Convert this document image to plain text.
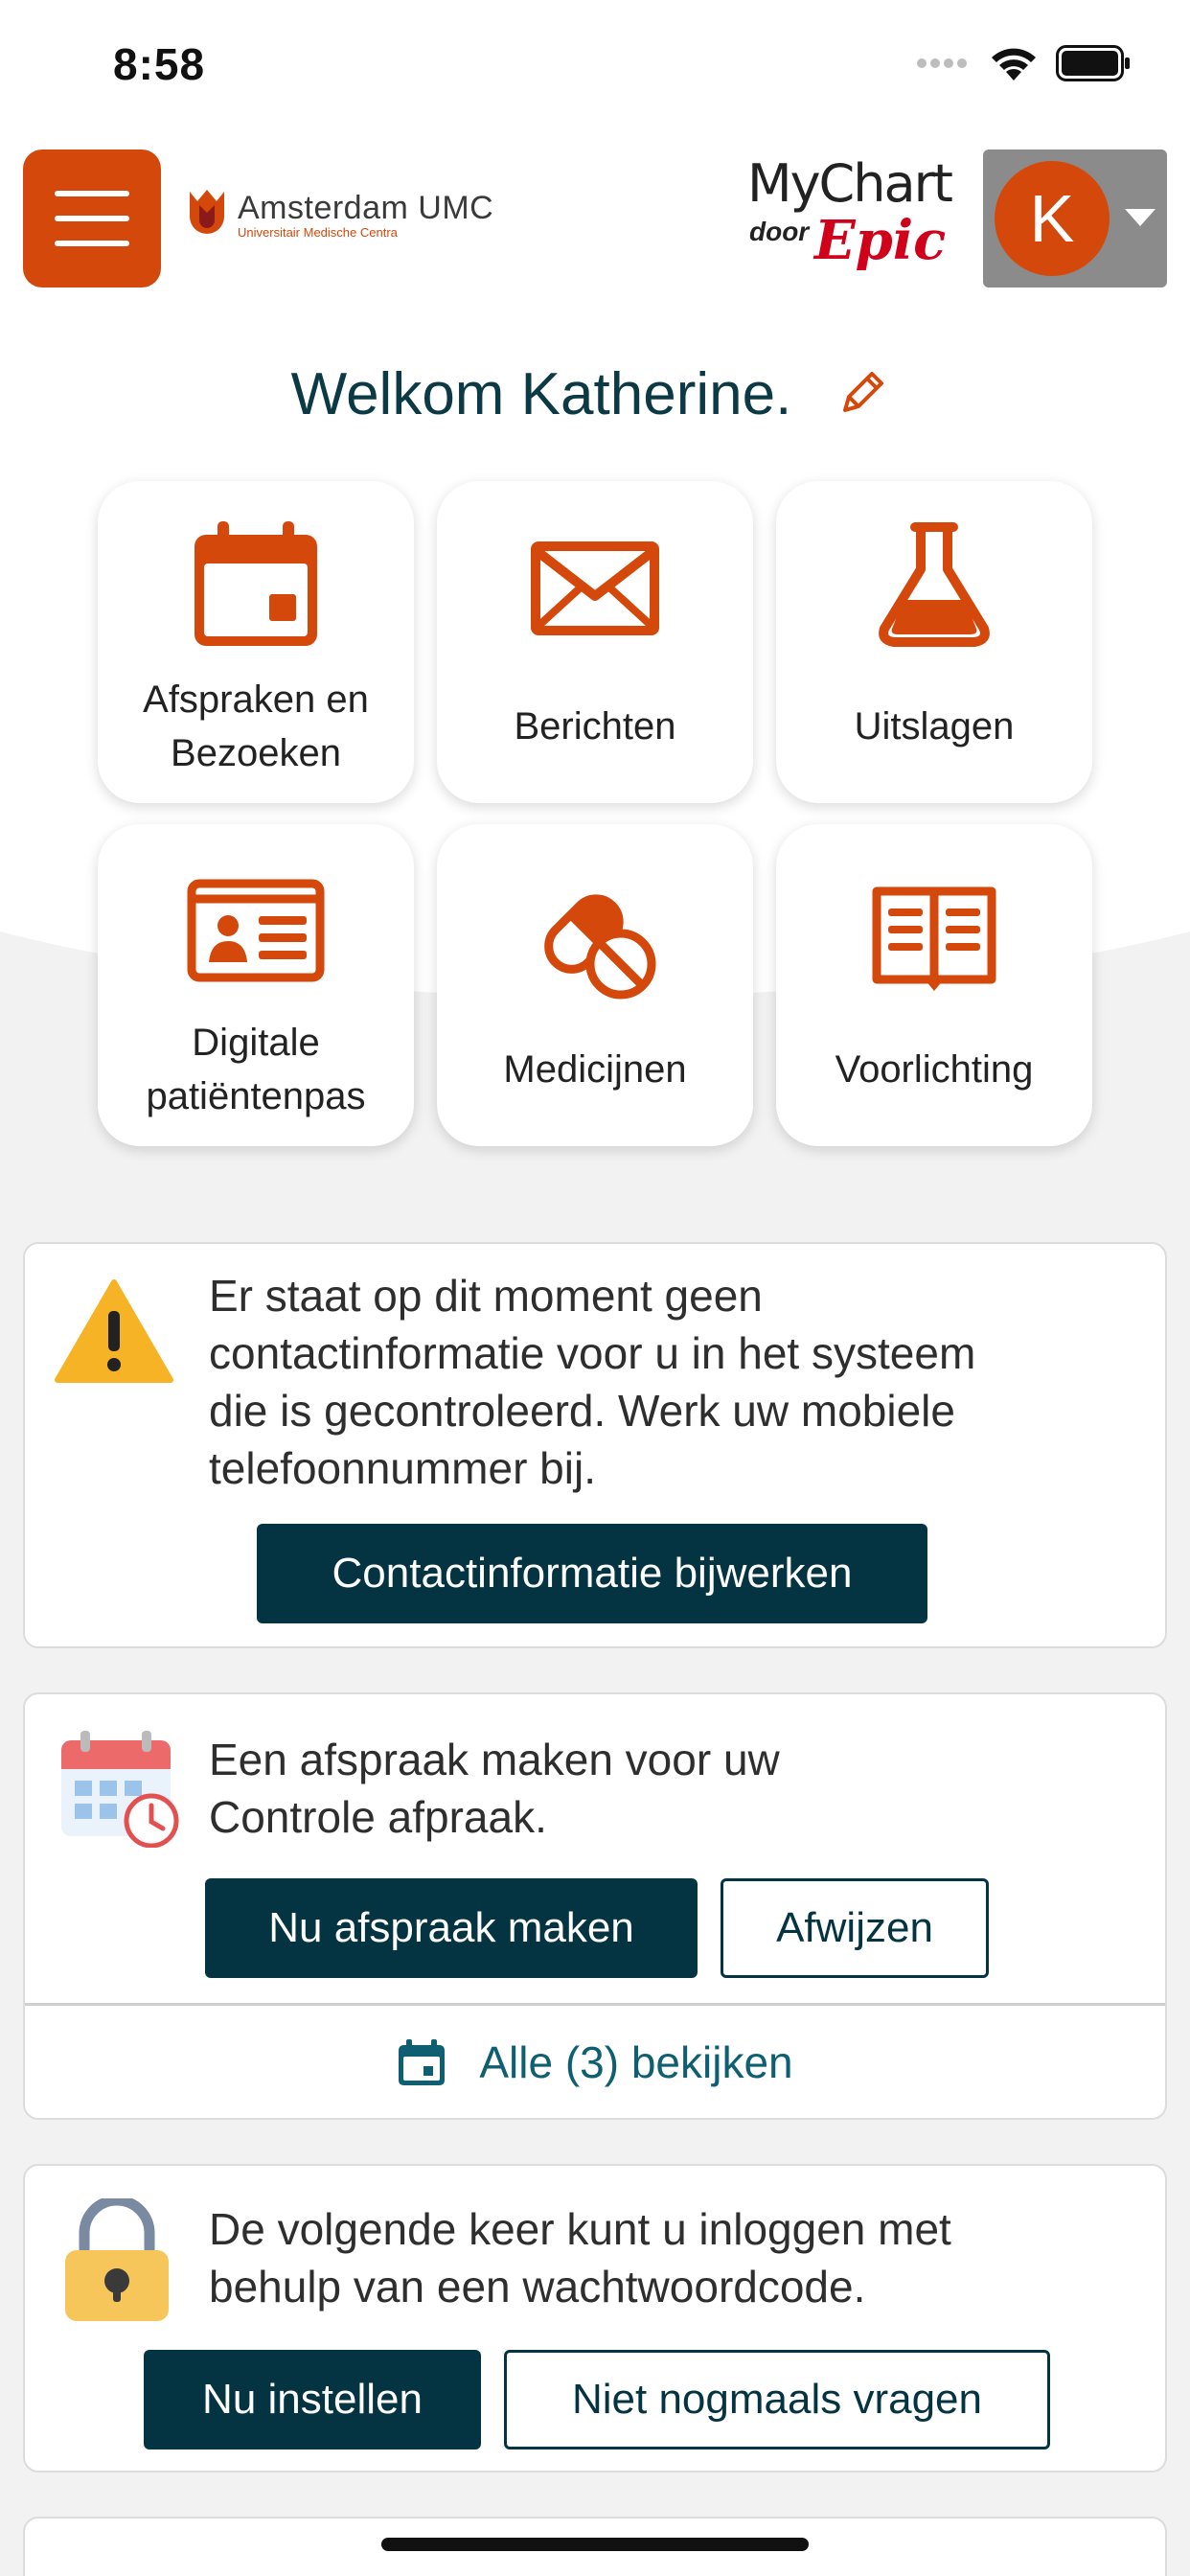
8:58
Amsterdam UMC
Universitair Medische Centra
MyChart
door Epic	K
Welkom Katherine.
Afspraken en
Bezoeken
Berichten	Uitslagen
Digitale
patiëntenpas
Medicijnen	Voorlichting
Er staat op dit moment geen
contactinformatie voor u in het systeem
die is gecontroleerd. Werk uw mobiele
telefoonnummer bij.
Contactinformatie bijwerken
Een afspraak maken voor uw
Controle afpraak.
Nu afspraak maken	Afwijzen
Alle (3) bekijken
De volgende keer kunt u inloggen met
behulp van een wachtwoordcode.
Nu instellen	Niet nogmaals vragen
